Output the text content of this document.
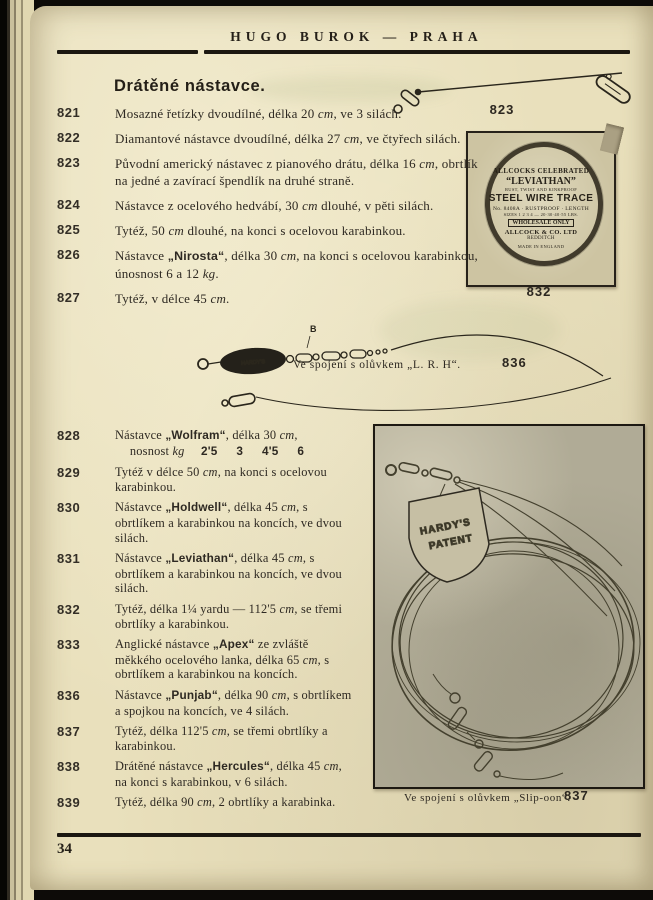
HUGO BUROK — PRAHA
Drátěné nástavce.
823
ALLCOCKS CELEBRATED
“LEVIATHAN”
RUST, TWIST AND KINKPROOF
STEEL WIRE TRACE
No. 8408A · RUSTPROOF · LENGTH
SIZES 1 2 3 4 — 20·30·40·55 LBS.
WHOLESALE ONLY
ALLCOCK & CO. LTD
REDDITCH
MADE IN ENGLAND
832
821	Mosazné řetízky dvoudílné, délka 20 cm, ve 3 silách.
822	Diamantové nástavce dvoudílné, délka 27 cm, ve čtyřech silách.
823	Původní americký nástavec z pianového drátu, délka 16 cm, obrtlík na jedné a zavírací špendlík na druhé straně.
824	Nástavce z ocelového hedvábí, 30 cm dlouhé, v pěti silách.
825	Tytéž, 50 cm dlouhé, na konci s ocelovou karabinkou.
826	Nástavce „Nirosta“, délka 30 cm, na konci s ocelovou karabinkou, únosnost 6 a 12 kg.
827	Tytéž, v délce 45 cm.
HARDY'S
B
Ve spojení s olůvkem „L. R. H“.	836
828	Nástavce „Wolfram“, délka 30 cm,
nosnost kg 2'5 3 4'5 6
829	Tytéž v délce 50 cm, na konci s ocelovou karabinkou.
830	Nástavce „Holdwell“, délka 45 cm, s obrtlíkem a karabinkou na koncích, ve dvou silách.
831	Nástavce „Leviathan“, délka 45 cm, s obrtlíkem a karabinkou na koncích, ve dvou silách.
832	Tytéž, délka 1¼ yardu — 112'5 cm, se třemi obrtlíky a karabinkou.
833	Anglické nástavce „Apex“ ze zvláště měkkého ocelového lanka, délka 65 cm, s obrtlíkem a karabinkou na koncích.
836	Nástavce „Punjab“, délka 90 cm, s obrtlíkem a spojkou na koncích, ve 4 silách.
837	Tytéž, délka 112'5 cm, se třemi obrtlíky a karabinkou.
838	Drátěné nástavce „Hercules“, délka 45 cm, na konci s karabinkou, v 6 silách.
839	Tytéž, délka 90 cm, 2 obrtlíky a karabinka.
HARDY'S
PATENT
Ve spojení s olůvkem „Slip-oon“.
837
34
